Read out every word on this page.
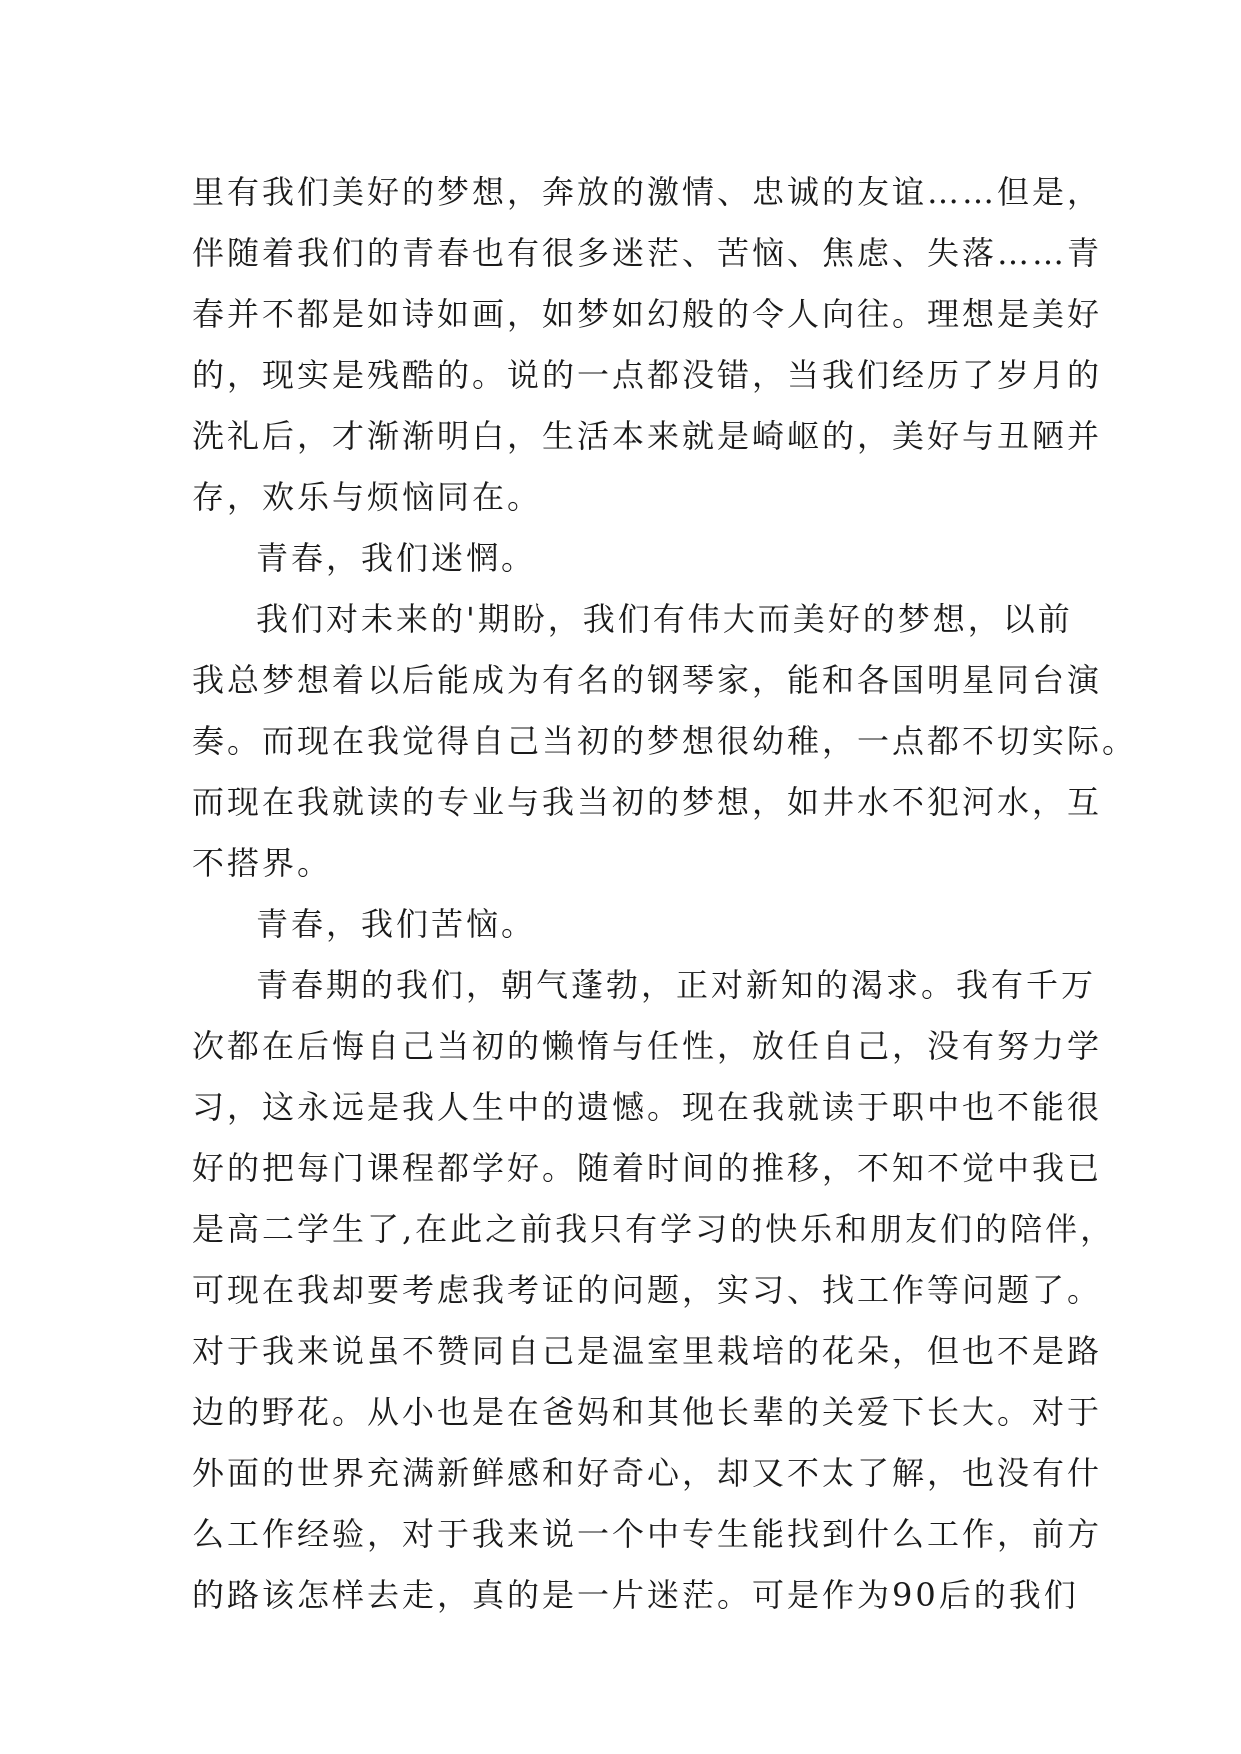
里有我们美好的梦想，奔放的激情、忠诚的友谊……但是，
伴随着我们的青春也有很多迷茫、苦恼、焦虑、失落……青
春并不都是如诗如画，如梦如幻般的令人向往。理想是美好
的，现实是残酷的。说的一点都没错，当我们经历了岁月的
洗礼后，才渐渐明白，生活本来就是崎岖的，美好与丑陋并
存，欢乐与烦恼同在。
青春，我们迷惘。
我们对未来的'期盼，我们有伟大而美好的梦想，以前
我总梦想着以后能成为有名的钢琴家，能和各国明星同台演
奏。而现在我觉得自己当初的梦想很幼稚，一点都不切实际。
而现在我就读的专业与我当初的梦想，如井水不犯河水，互
不搭界。
青春，我们苦恼。
青春期的我们，朝气蓬勃，正对新知的渴求。我有千万
次都在后悔自己当初的懒惰与任性，放任自己，没有努力学
习，这永远是我人生中的遗憾。现在我就读于职中也不能很
好的把每门课程都学好。随着时间的推移，不知不觉中我已
是高二学生了,在此之前我只有学习的快乐和朋友们的陪伴，
可现在我却要考虑我考证的问题，实习、找工作等问题了。
对于我来说虽不赞同自己是温室里栽培的花朵，但也不是路
边的野花。从小也是在爸妈和其他长辈的关爱下长大。对于
外面的世界充满新鲜感和好奇心，却又不太了解，也没有什
么工作经验，对于我来说一个中专生能找到什么工作，前方
的路该怎样去走，真的是一片迷茫。可是作为90后的我们
